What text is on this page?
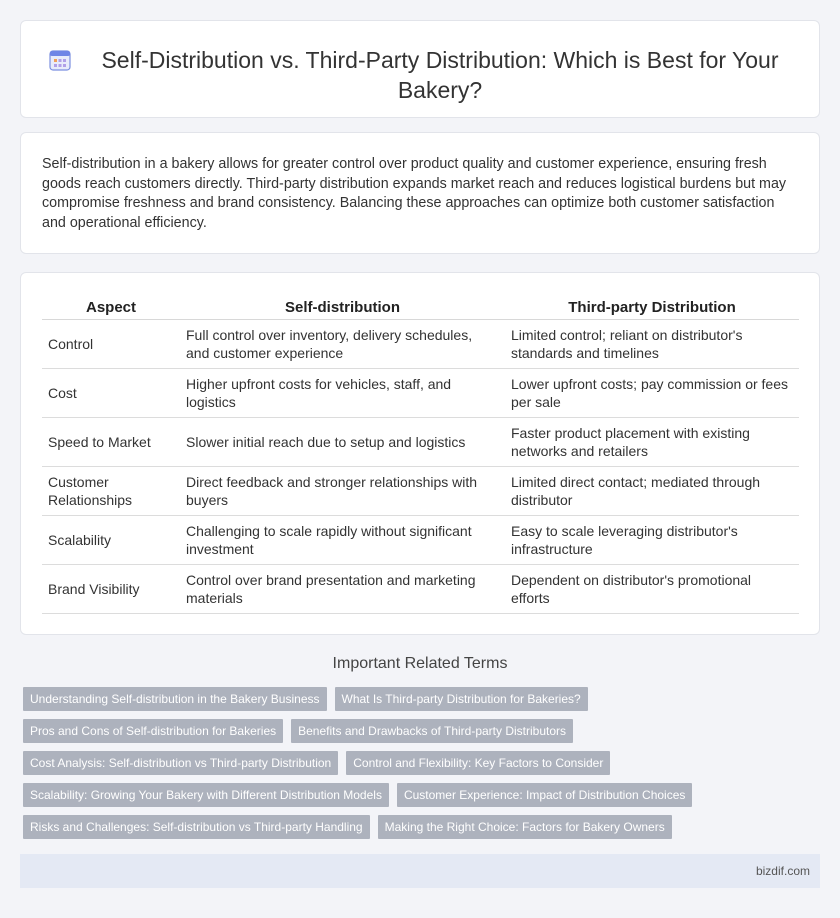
Self-Distribution vs. Third-Party Distribution: Which is Best for Your Bakery?

Self-distribution in a bakery allows for greater control over product quality and customer experience, ensuring fresh goods reach customers directly. Third-party distribution expands market reach and reduces logistical burdens but may compromise freshness and brand consistency. Balancing these approaches can optimize both customer satisfaction and operational efficiency.

Aspect	Self-distribution	Third-party Distribution
Control	Full control over inventory, delivery schedules, and customer experience	Limited control; reliant on distributor's standards and timelines
Cost	Higher upfront costs for vehicles, staff, and logistics	Lower upfront costs; pay commission or fees per sale
Speed to Market	Slower initial reach due to setup and logistics	Faster product placement with existing networks and retailers
Customer Relationships	Direct feedback and stronger relationships with buyers	Limited direct contact; mediated through distributor
Scalability	Challenging to scale rapidly without significant investment	Easy to scale leveraging distributor's infrastructure
Brand Visibility	Control over brand presentation and marketing materials	Dependent on distributor's promotional efforts
Important Related Terms
Understanding Self-distribution in the Bakery Business	What Is Third-party Distribution for Bakeries?
Pros and Cons of Self-distribution for Bakeries	Benefits and Drawbacks of Third-party Distributors
Cost Analysis: Self-distribution vs Third-party Distribution	Control and Flexibility: Key Factors to Consider
Scalability: Growing Your Bakery with Different Distribution Models	Customer Experience: Impact of Distribution Choices
Risks and Challenges: Self-distribution vs Third-party Handling	Making the Right Choice: Factors for Bakery Owners
bizdif.com
